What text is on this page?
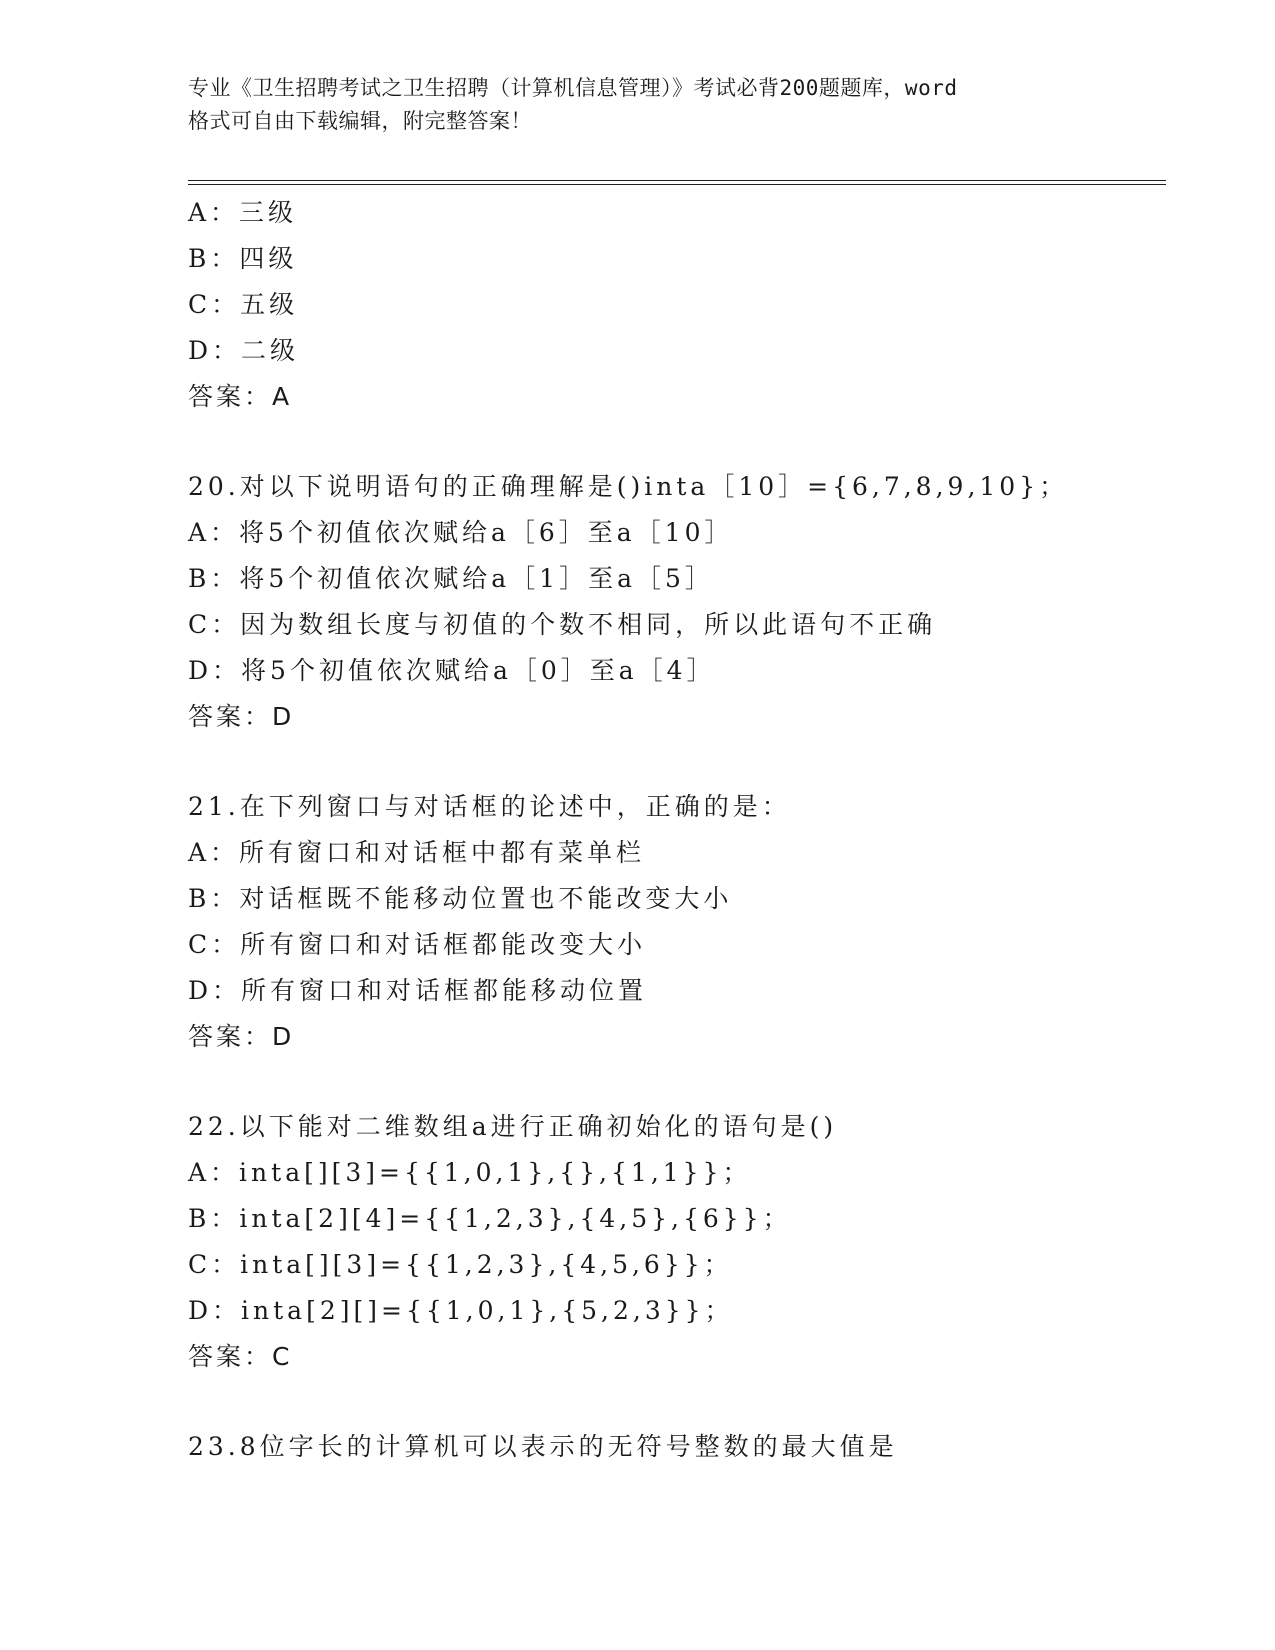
专业《卫生招聘考试之卫生招聘（计算机信息管理）》考试必背200题题库，word
格式可自由下载编辑，附完整答案！
A：三级
B：四级
C：五级
D：二级
答案：A
20.对以下说明语句的正确理解是()inta［10］={6,7,8,9,10}；
A：将5个初值依次赋给a［6］至a［10］
B：将5个初值依次赋给a［1］至a［5］
C：因为数组长度与初值的个数不相同，所以此语句不正确
D：将5个初值依次赋给a［0］至a［4］
答案：D
21.在下列窗口与对话框的论述中，正确的是：
A：所有窗口和对话框中都有菜单栏
B：对话框既不能移动位置也不能改变大小
C：所有窗口和对话框都能改变大小
D：所有窗口和对话框都能移动位置
答案：D
22.以下能对二维数组a进行正确初始化的语句是()
A：inta[][3]={{1,0,1},{},{1,1}}；
B：inta[2][4]={{1,2,3},{4,5},{6}}；
C：inta[][3]={{1,2,3},{4,5,6}}；
D：inta[2][]={{1,0,1},{5,2,3}}；
答案：C
23.8位字长的计算机可以表示的无符号整数的最大值是
